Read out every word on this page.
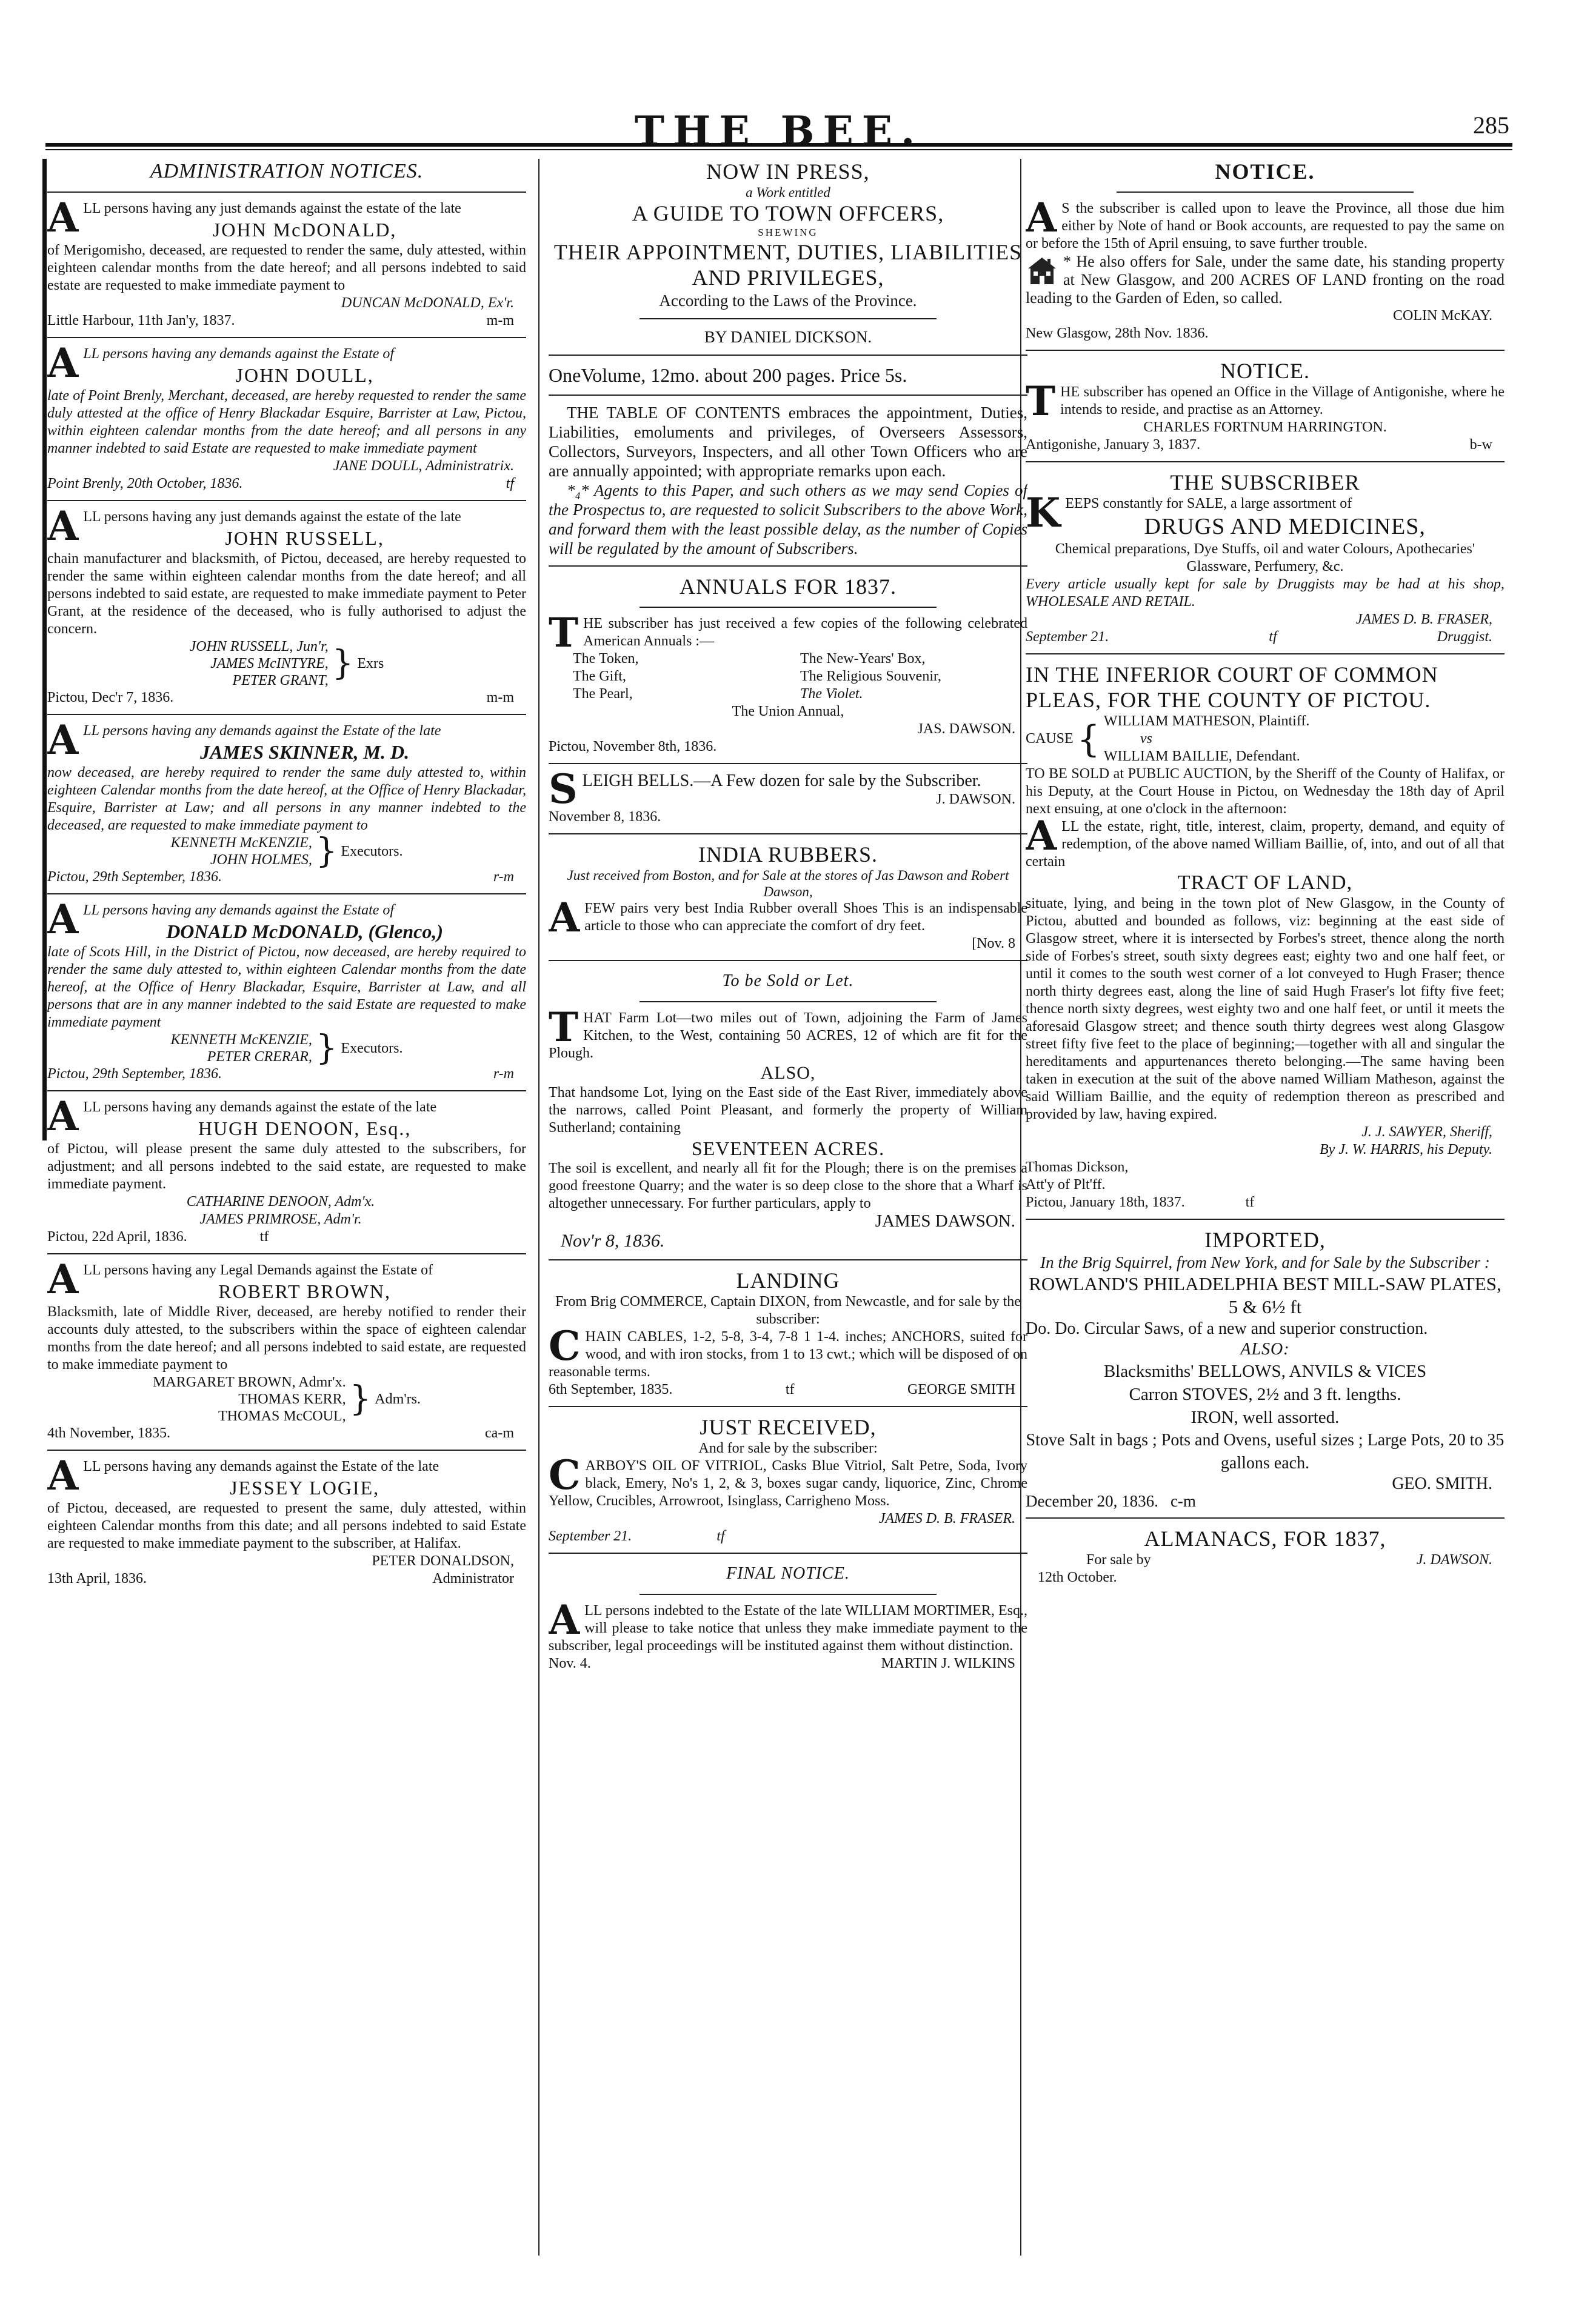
THE BEE.	285
ADMINISTRATION NOTICES.
A LL persons having any just demands against the estate of the late

JOHN McDONALD,

of Merigomisho, deceased, are requested to render the same, duly attested, within eighteen calendar months from the date hereof; and all persons indebted to said estate are requested to make immediate payment to

DUNCAN McDONALD, Ex'r.
Little Harbour, 11th Jan'y, 1837.	m-m
A LL persons having any demands against the Estate of

JOHN DOULL,

late of Point Brenly, Merchant, deceased, are hereby requested to render the same duly attested at the office of Henry Blackadar Esquire, Barrister at Law, Pictou, within eighteen calendar months from the date hereof; and all persons in any manner indebted to said Estate are requested to make immediate payment

JANE DOULL, Administratrix.
Point Brenly, 20th October, 1836.	tf
A LL persons having any just demands against the estate of the late

JOHN RUSSELL,

chain manufacturer and blacksmith, of Pictou, deceased, are hereby requested to render the same within eighteen calendar months from the date hereof; and all persons indebted to said estate, are requested to make immediate payment to Peter Grant, at the residence of the deceased, who is fully authorised to adjust the concern.

JOHN RUSSELL, Jun'r,
JAMES McINTYRE,
PETER GRANT, } Exrs
Pictou, Dec'r 7, 1836.	m-m
A LL persons having any demands against the Estate of the late

JAMES SKINNER, M. D.

now deceased, are hereby required to render the same duly attested to, within eighteen Calendar months from the date hereof, at the Office of Henry Blackadar, Esquire, Barrister at Law; and all persons in any manner indebted to the deceased, are requested to make immediate payment to

KENNETH McKENZIE,
JOHN HOLMES, } Executors.
Pictou, 29th September, 1836.	r-m
A LL persons having any demands against the Estate of

DONALD McDONALD, (Glenco,)

late of Scots Hill, in the District of Pictou, now deceased, are hereby required to render the same duly attested to, within eighteen Calendar months from the date hereof, at the Office of Henry Blackadar, Esquire, Barrister at Law, and all persons that are in any manner indebted to the said Estate are requested to make immediate payment

KENNETH McKENZIE,
PETER CRERAR, } Executors.
Pictou, 29th September, 1836.	r-m
A LL persons having any demands against the estate of the late

HUGH DENOON, Esq.,

of Pictou, will please present the same duly attested to the subscribers, for adjustment; and all persons indebted to the said estate, are requested to make immediate payment.

CATHARINE DENOON, Adm'x.
JAMES PRIMROSE, Adm'r.
Pictou, 22d April, 1836.	tf
A LL persons having any Legal Demands against the Estate of

ROBERT BROWN,

Blacksmith, late of Middle River, deceased, are hereby notified to render their accounts duly attested, to the subscribers within the space of eighteen calendar months from the date hereof; and all persons indebted to said estate, are requested to make immediate payment to

MARGARET BROWN, Admr'x.
THOMAS KERR,
THOMAS McCOUL, } Adm'rs.
4th November, 1835.	ca-m
A LL persons having any demands against the Estate of the late

JESSEY LOGIE,

of Pictou, deceased, are requested to present the same, duly attested, within eighteen Calendar months from this date; and all persons indebted to said Estate are requested to make immediate payment to the subscriber, at Halifax.

PETER DONALDSON,
13th April, 1836.	Administrator
NOW IN PRESS,
a Work entitled
A GUIDE TO TOWN OFFCERS,
SHEWING
THEIR APPOINTMENT, DUTIES, LIABILITIES AND PRIVILEGES,
According to the Laws of the Province.
BY DANIEL DICKSON.
OneVolume, 12mo. about 200 pages. Price 5s.

THE TABLE OF CONTENTS embraces the appointment, Duties, Liabilities, emoluments and privileges, of Overseers Assessors, Collectors, Surveyors, Inspecters, and all other Town Officers who are are annually appointed; with appropriate remarks upon each.

*₄* Agents to this Paper, and such others as we may send Copies of the Prospectus to, are requested to solicit Subscribers to the above Work, and forward them with the least possible delay, as the number of Copies will be regulated by the amount of Subscribers.

ANNUALS FOR 1837.
T HE subscriber has just received a few copies of the following celebrated American Annuals :—

The Token,	The New-Years' Box,
The Gift,	The Religious Souvenir,
The Pearl,	The Violet.
The Union Annual,
JAS. DAWSON.
Pictou, November 8th, 1836.
S LEIGH BELLS.—A Few dozen for sale by the Subscriber.

J. DAWSON.
November 8, 1836.
INDIA RUBBERS.
Just received from Boston, and for Sale at the stores of Jas Dawson and Robert Dawson,
A FEW pairs very best India Rubber overall Shoes This is an indispensable article to those who can appreciate the comfort of dry feet.

[Nov. 8
To be Sold or Let.
T HAT Farm Lot—two miles out of Town, adjoining the Farm of James Kitchen, to the West, containing 50 ACRES, 12 of which are fit for the Plough.

ALSO,

That handsome Lot, lying on the East side of the East River, immediately above the narrows, called Point Pleasant, and formerly the property of William Sutherland; containing

SEVENTEEN ACRES.

The soil is excellent, and nearly all fit for the Plough; there is on the premises a good freestone Quarry; and the water is so deep close to the shore that a Wharf is altogether unnecessary. For further particulars, apply to

JAMES DAWSON.
Nov'r 8, 1836.
LANDING

From Brig COMMERCE, Captain DIXON, from Newcastle, and for sale by the subscriber:

C HAIN CABLES, 1-2, 5-8, 3-4, 7-8 1 1-4. inches; ANCHORS, suited for wood, and with iron stocks, from 1 to 13 cwt.; which will be disposed of on reasonable terms.

6th September, 1835.	tf	GEORGE SMITH
JUST RECEIVED,
And for sale by the subscriber:
C ARBOY'S OIL OF VITRIOL, Casks Blue Vitriol, Salt Petre, Soda, Ivory black, Emery, No's 1, 2, & 3, boxes sugar candy, liquorice, Zinc, Chrome Yellow, Crucibles, Arrowroot, Isinglass, Carrigheno Moss.

JAMES D. B. FRASER.
September 21.	tf
FINAL NOTICE.
A LL persons indebted to the Estate of the late WILLIAM MORTIMER, Esq., will please to take notice that unless they make immediate payment to the subscriber, legal proceedings will be instituted against them without distinction.

Nov. 4.	MARTIN J. WILKINS
NOTICE.
A S the subscriber is called upon to leave the Province, all those due him either by Note of hand or Book accounts, are requested to pay the same on or before the 15th of April ensuing, to save further trouble.

* He also offers for Sale, under the same date, his standing property at New Glasgow, and 200 ACRES OF LAND fronting on the road leading to the Garden of Eden, so called.

COLIN McKAY.
New Glasgow, 28th Nov. 1836.
NOTICE.
T HE subscriber has opened an Office in the Village of Antigonishe, where he intends to reside, and practise as an Attorney.

CHARLES FORTNUM HARRINGTON.
Antigonishe, January 3, 1837.	b-w
THE SUBSCRIBER
K EEPS constantly for SALE, a large assortment of

DRUGS AND MEDICINES,

Chemical preparations, Dye Stuffs, oil and water Colours, Apothecaries' Glassware, Perfumery, &c.

Every article usually kept for sale by Druggists may be had at his shop, WHOLESALE AND RETAIL.

JAMES D. B. FRASER,
September 21.	tf	Druggist.
IN THE INFERIOR COURT OF COMMON PLEAS, FOR THE COUNTY OF PICTOU.
CAUSE { WILLIAM MATHESON, Plaintiff.
vs
WILLIAM BAILLIE, Defendant.

TO BE SOLD at PUBLIC AUCTION, by the Sheriff of the County of Halifax, or his Deputy, at the Court House in Pictou, on Wednesday the 18th day of April next ensuing, at one o'clock in the afternoon:

A LL the estate, right, title, interest, claim, property, demand, and equity of redemption, of the above named William Baillie, of, into, and out of all that certain

TRACT OF LAND,

situate, lying, and being in the town plot of New Glasgow, in the County of Pictou, abutted and bounded as follows, viz: beginning at the east side of Glasgow street, where it is intersected by Forbes's street, thence along the north side of Forbes's street, south sixty degrees east; eighty two and one half feet, or until it comes to the south west corner of a lot conveyed to Hugh Fraser; thence north thirty degrees east, along the line of said Hugh Fraser's lot fifty five feet; thence north sixty degrees, west eighty two and one half feet, or until it meets the aforesaid Glasgow street; and thence south thirty degrees west along Glasgow street fifty five feet to the place of beginning;—together with all and singular the hereditaments and appurtenances thereto belonging.—The same having been taken in execution at the suit of the above named William Matheson, against the said William Baillie, and the equity of redemption thereon as prescribed and provided by law, having expired.

J. J. SAWYER, Sheriff,
By J. W. HARRIS, his Deputy.
Thomas Dickson,
Att'y of Plt'ff.
Pictou, January 18th, 1837.	tf
IMPORTED,
In the Brig Squirrel, from New York, and for Sale by the Subscriber :
ROWLAND'S PHILADELPHIA BEST MILL-SAW PLATES, 5 & 6½ ft

Do. Do. Circular Saws, of a new and superior construction.

ALSO:
Blacksmiths' BELLOWS, ANVILS & VICES
Carron STOVES, 2½ and 3 ft. lengths.
IRON, well assorted.
Stove Salt in bags ; Pots and Ovens, useful sizes ; Large Pots, 20 to 35 gallons each.
GEO. SMITH.
December 20, 1836. c-m
ALMANACS, FOR 1837,
For sale by	J. DAWSON.
12th October.
